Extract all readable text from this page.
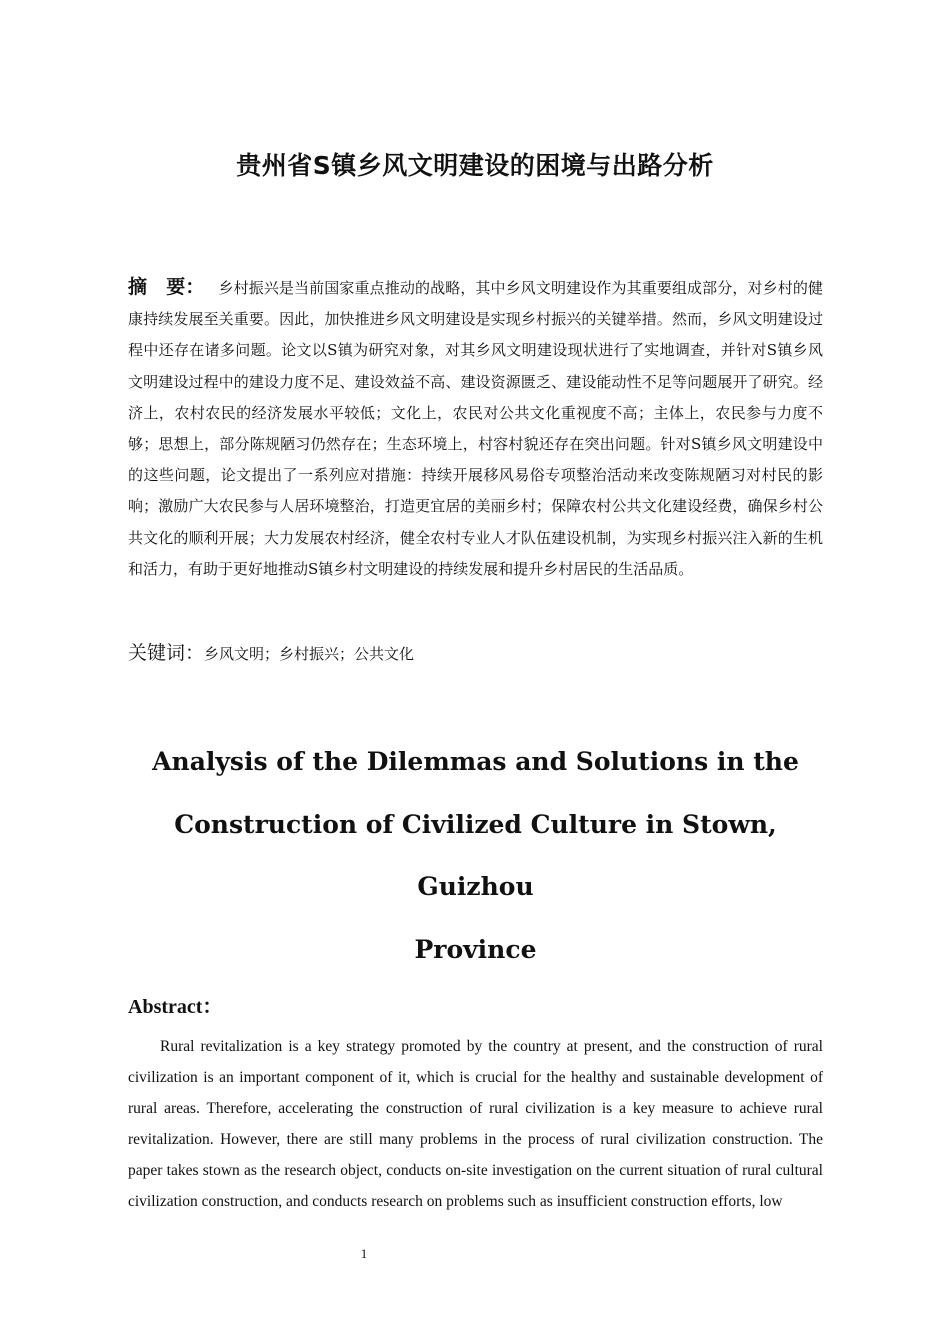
贵州省S镇乡风文明建设的困境与出路分析
摘　要： 乡村振兴是当前国家重点推动的战略，其中乡风文明建设作为其重要组成部分，对乡村的健康持续发展至关重要。因此，加快推进乡风文明建设是实现乡村振兴的关键举措。然而，乡风文明建设过程中还存在诸多问题。论文以S镇为研究对象，对其乡风文明建设现状进行了实地调查，并针对S镇乡风文明建设过程中的建设力度不足、建设效益不高、建设资源匮乏、建设能动性不足等问题展开了研究。经济上，农村农民的经济发展水平较低；文化上，农民对公共文化重视度不高；主体上，农民参与力度不够；思想上，部分陈规陋习仍然存在；生态环境上，村容村貌还存在突出问题。针对S镇乡风文明建设中的这些问题，论文提出了一系列应对措施：持续开展移风易俗专项整治活动来改变陈规陋习对村民的影响；激励广大农民参与人居环境整治，打造更宜居的美丽乡村；保障农村公共文化建设经费，确保乡村公共文化的顺利开展；大力发展农村经济，健全农村专业人才队伍建设机制，为实现乡村振兴注入新的生机和活力，有助于更好地推动S镇乡村文明建设的持续发展和提升乡村居民的生活品质。
关键词：乡风文明；乡村振兴；公共文化
Analysis of the Dilemmas and Solutions in the
Construction of Civilized Culture in Stown, Guizhou
Province
Abstract：
Rural revitalization is a key strategy promoted by the country at present, and the construction of rural civilization is an important component of it, which is crucial for the healthy and sustainable development of rural areas. Therefore, accelerating the construction of rural civilization is a key measure to achieve rural revitalization. However, there are still many problems in the process of rural civilization construction. The paper takes stown as the research object, conducts on-site investigation on the current situation of rural cultural civilization construction, and conducts research on problems such as insufficient construction efforts, low
1
